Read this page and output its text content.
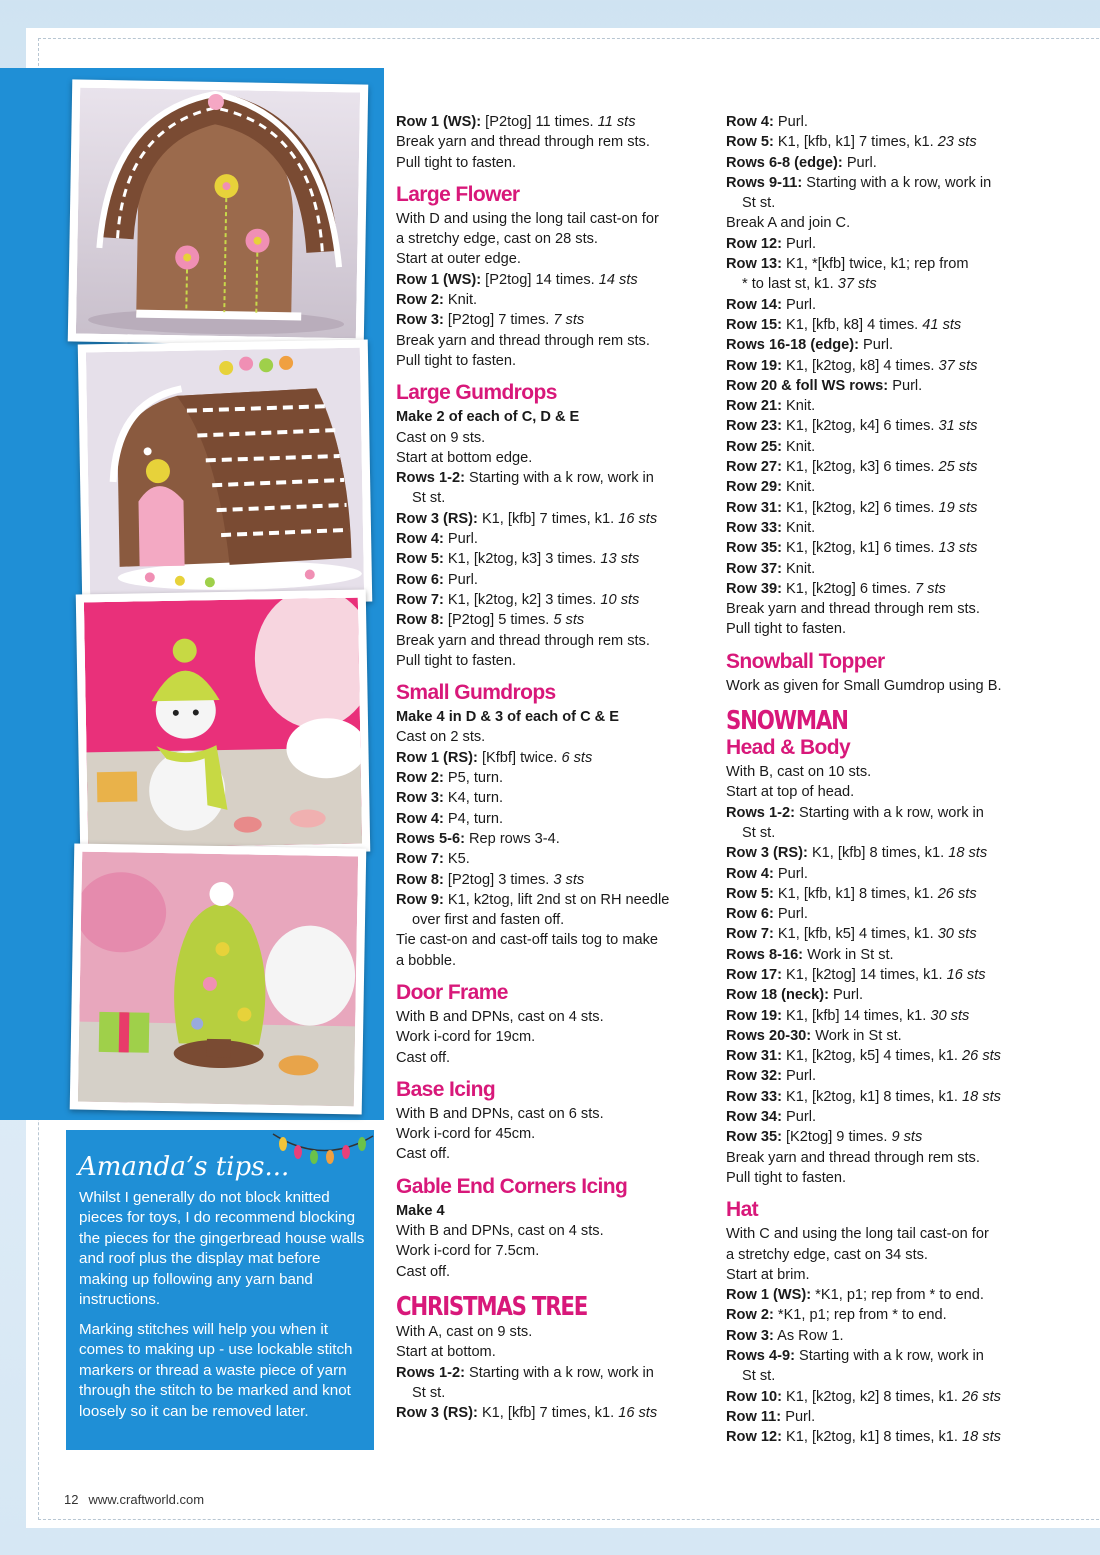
Amanda’s tips...

Whilst I generally do not block knitted pieces for toys, I do recommend blocking the pieces for the gingerbread house walls and roof plus the display mat before making up following any yarn band instructions.

Marking stitches will help you when it comes to making up - use lockable stitch markers or thread a waste piece of yarn through the stitch to be marked and knot loosely so it can be removed later.

Row 1 (WS): [P2tog] 11 times. 11 sts
Break yarn and thread through rem sts.
Pull tight to fasten.
Large Flower
With D and using the long tail cast-on for
a stretchy edge, cast on 28 sts.
Start at outer edge.
Row 1 (WS): [P2tog] 14 times. 14 sts
Row 2: Knit.
Row 3: [P2tog] 7 times. 7 sts
Break yarn and thread through rem sts.
Pull tight to fasten.
Large Gumdrops
Make 2 of each of C, D & E
Cast on 9 sts.
Start at bottom edge.
Rows 1-2: Starting with a k row, work in
St st.
Row 3 (RS): K1, [kfb] 7 times, k1. 16 sts
Row 4: Purl.
Row 5: K1, [k2tog, k3] 3 times. 13 sts
Row 6: Purl.
Row 7: K1, [k2tog, k2] 3 times. 10 sts
Row 8: [P2tog] 5 times. 5 sts
Break yarn and thread through rem sts.
Pull tight to fasten.
Small Gumdrops
Make 4 in D & 3 of each of C & E
Cast on 2 sts.
Row 1 (RS): [Kfbf] twice. 6 sts
Row 2: P5, turn.
Row 3: K4, turn.
Row 4: P4, turn.
Rows 5-6: Rep rows 3-4.
Row 7: K5.
Row 8: [P2tog] 3 times. 3 sts
Row 9: K1, k2tog, lift 2nd st on RH needle
over first and fasten off.
Tie cast-on and cast-off tails tog to make
a bobble.
Door Frame
With B and DPNs, cast on 4 sts.
Work i-cord for 19cm.
Cast off.
Base Icing
With B and DPNs, cast on 6 sts.
Work i-cord for 45cm.
Cast off.
Gable End Corners Icing
Make 4
With B and DPNs, cast on 4 sts.
Work i-cord for 7.5cm.
Cast off.
CHRISTMAS TREE
With A, cast on 9 sts.
Start at bottom.
Rows 1-2: Starting with a k row, work in
St st.
Row 3 (RS): K1, [kfb] 7 times, k1. 16 sts
Row 4: Purl.
Row 5: K1, [kfb, k1] 7 times, k1. 23 sts
Rows 6-8 (edge): Purl.
Rows 9-11: Starting with a k row, work in
St st.
Break A and join C.
Row 12: Purl.
Row 13: K1, *[kfb] twice, k1; rep from
* to last st, k1. 37 sts
Row 14: Purl.
Row 15: K1, [kfb, k8] 4 times. 41 sts
Rows 16-18 (edge): Purl.
Row 19: K1, [k2tog, k8] 4 times. 37 sts
Row 20 & foll WS rows: Purl.
Row 21: Knit.
Row 23: K1, [k2tog, k4] 6 times. 31 sts
Row 25: Knit.
Row 27: K1, [k2tog, k3] 6 times. 25 sts
Row 29: Knit.
Row 31: K1, [k2tog, k2] 6 times. 19 sts
Row 33: Knit.
Row 35: K1, [k2tog, k1] 6 times. 13 sts
Row 37: Knit.
Row 39: K1, [k2tog] 6 times. 7 sts
Break yarn and thread through rem sts.
Pull tight to fasten.
Snowball Topper
Work as given for Small Gumdrop using B.
SNOWMAN
Head & Body
With B, cast on 10 sts.
Start at top of head.
Rows 1-2: Starting with a k row, work in
St st.
Row 3 (RS): K1, [kfb] 8 times, k1. 18 sts
Row 4: Purl.
Row 5: K1, [kfb, k1] 8 times, k1. 26 sts
Row 6: Purl.
Row 7: K1, [kfb, k5] 4 times, k1. 30 sts
Rows 8-16: Work in St st.
Row 17: K1, [k2tog] 14 times, k1. 16 sts
Row 18 (neck): Purl.
Row 19: K1, [kfb] 14 times, k1. 30 sts
Rows 20-30: Work in St st.
Row 31: K1, [k2tog, k5] 4 times, k1. 26 sts
Row 32: Purl.
Row 33: K1, [k2tog, k1] 8 times, k1. 18 sts
Row 34: Purl.
Row 35: [K2tog] 9 times. 9 sts
Break yarn and thread through rem sts.
Pull tight to fasten.
Hat
With C and using the long tail cast-on for
a stretchy edge, cast on 34 sts.
Start at brim.
Row 1 (WS): *K1, p1; rep from * to end.
Row 2: *K1, p1; rep from * to end.
Row 3: As Row 1.
Rows 4-9: Starting with a k row, work in
St st.
Row 10: K1, [k2tog, k2] 8 times, k1. 26 sts
Row 11: Purl.
Row 12: K1, [k2tog, k1] 8 times, k1. 18 sts
12 www.craftworld.com
